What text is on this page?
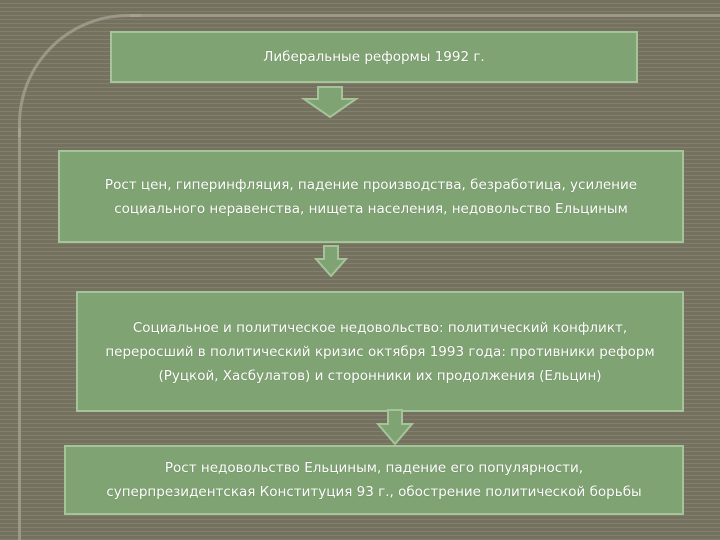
Либеральные реформы 1992 г.
Рост цен, гиперинфляция, падение производства, безработица, усиление социального неравенства, нищета населения, недовольство Ельциным
Социальное и политическое недовольство: политический конфликт, переросший в политический кризис октября 1993 года: противники реформ (Руцкой, Хасбулатов) и сторонники их продолжения (Ельцин)
Рост недовольство Ельциным, падение его популярности, суперпрезидентская Конституция 93 г., обострение политической борьбы
